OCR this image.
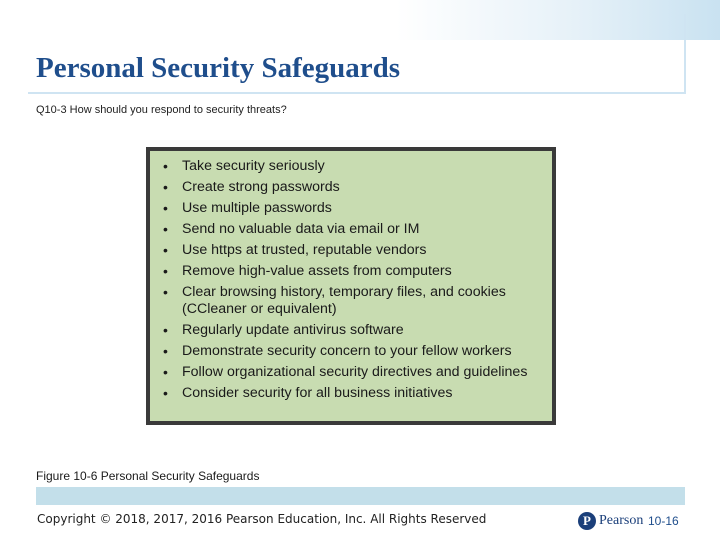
Personal Security Safeguards
Q10-3 How should you respond to security threats?
• Take security seriously
• Create strong passwords
• Use multiple passwords
• Send no valuable data via email or IM
• Use https at trusted, reputable vendors
• Remove high-value assets from computers
• Clear browsing history, temporary files, and cookies
(CCleaner or equivalent)
• Regularly update antivirus software
• Demonstrate security concern to your fellow workers
• Follow organizational security directives and guidelines
• Consider security for all business initiatives
Figure 10-6 Personal Security Safeguards
Copyright © 2018, 2017, 2016 Pearson Education, Inc. All Rights Reserved	P Pearson 10-16
